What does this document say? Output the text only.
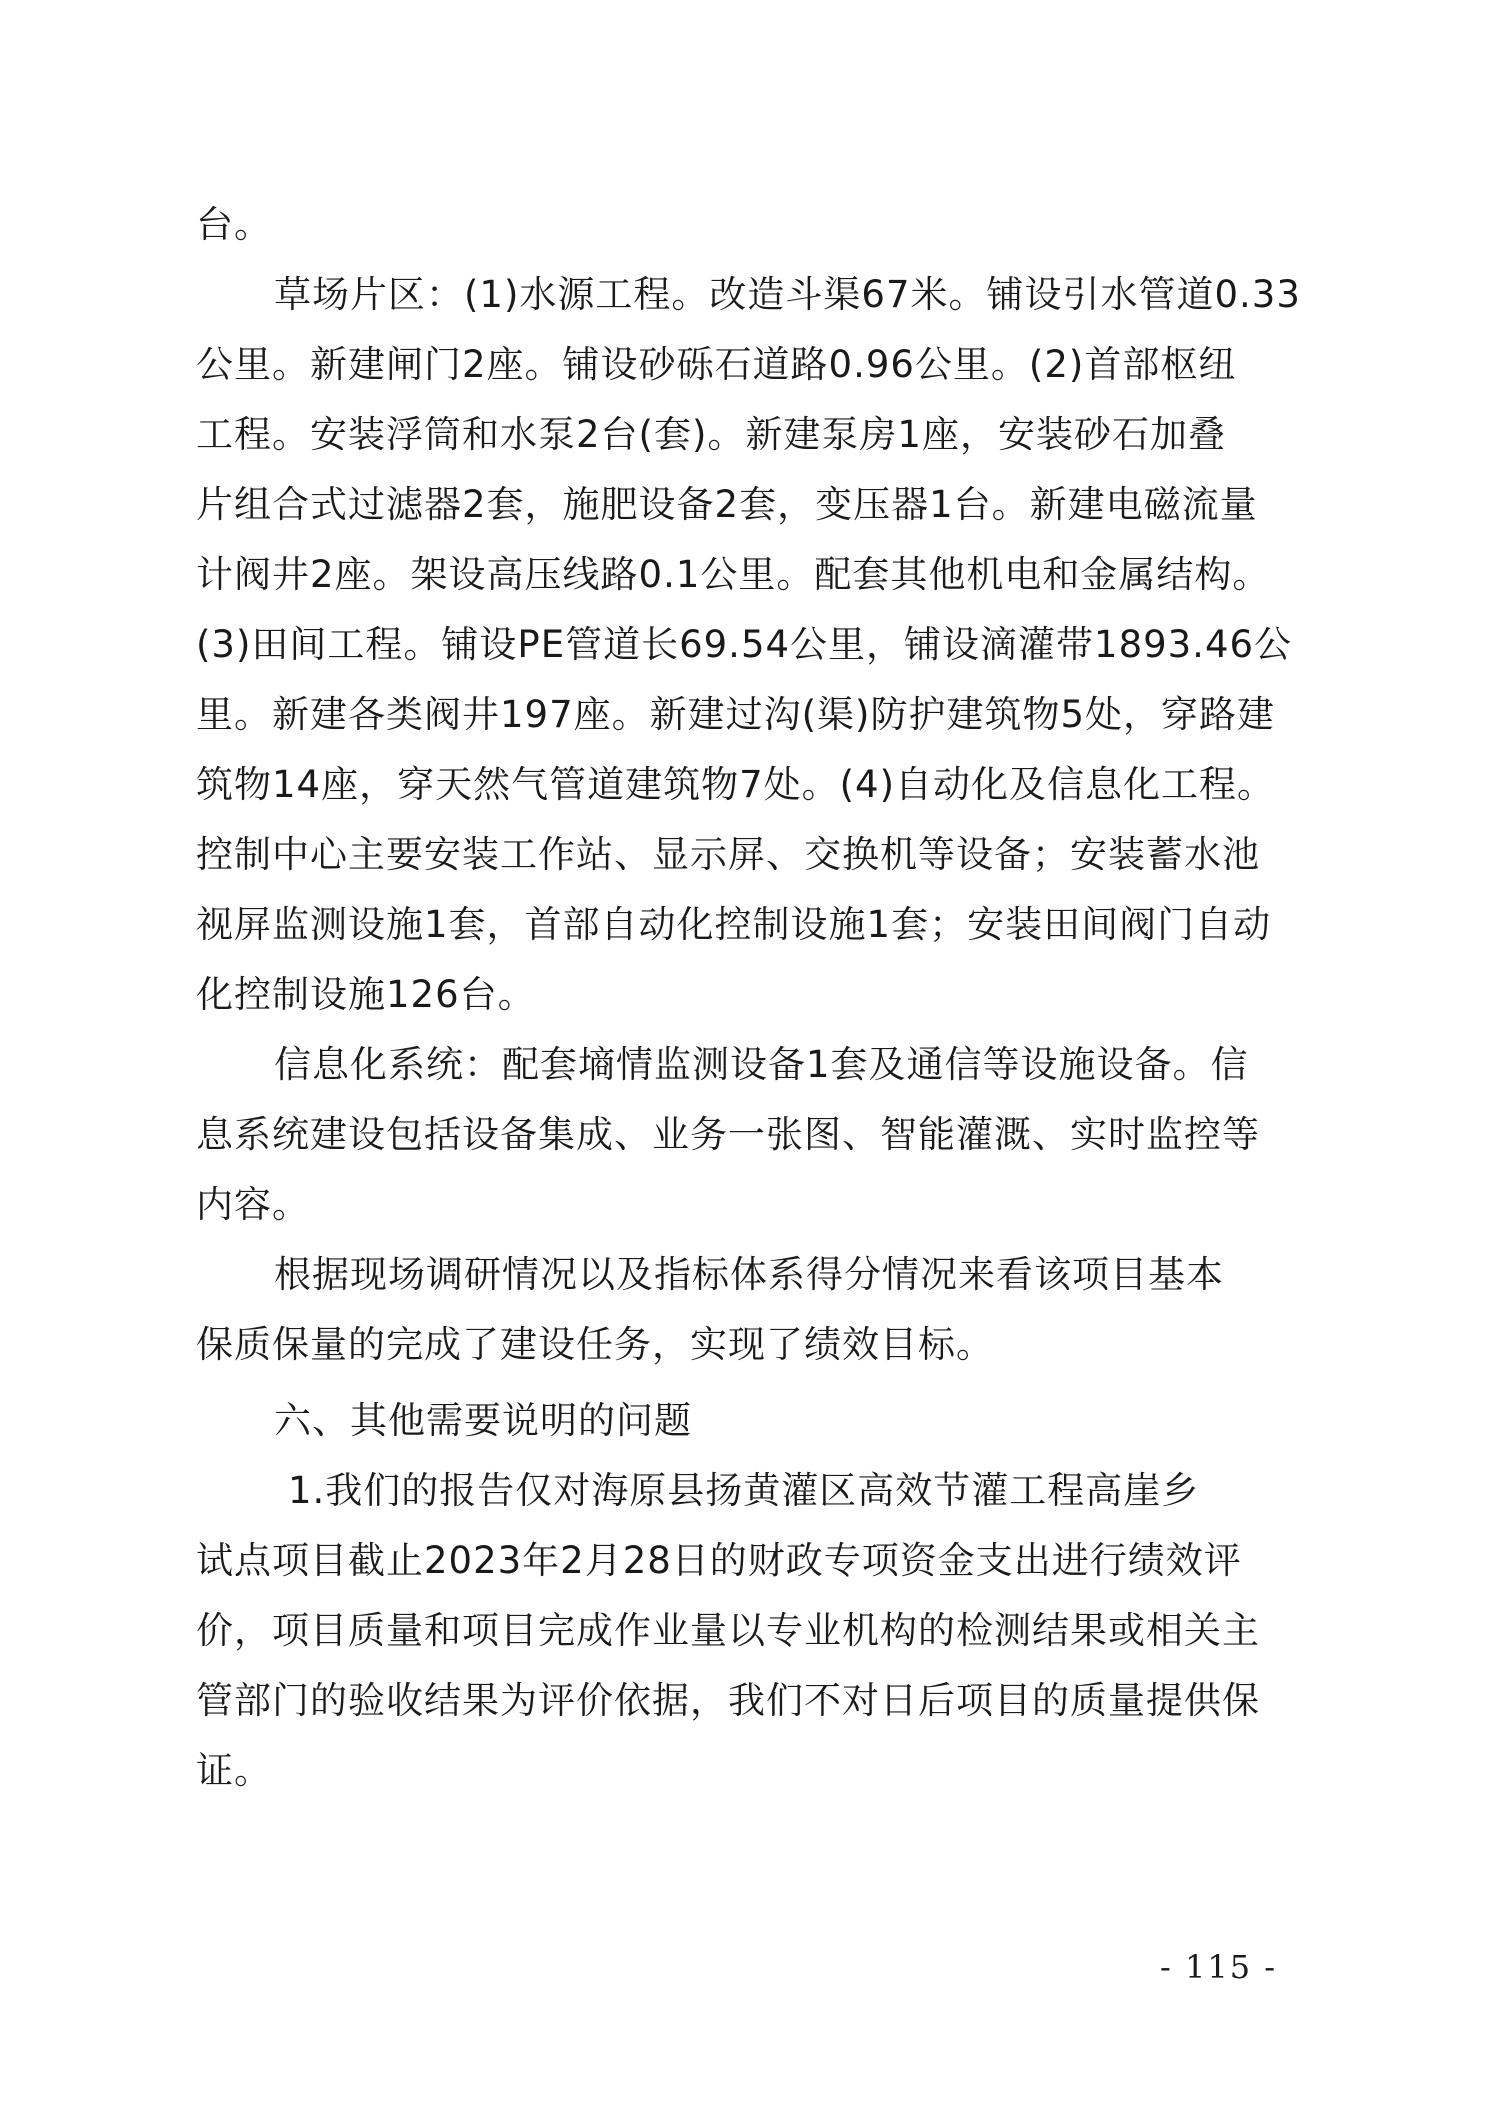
台。

草场片区：(1)水源工程。改造斗渠67米。铺设引水管道0.33
公里。新建闸门2座。铺设砂砾石道路0.96公里。(2)首部枢纽
工程。安装浮筒和水泵2台(套)。新建泵房1座，安装砂石加叠
片组合式过滤器2套，施肥设备2套，变压器1台。新建电磁流量
计阀井2座。架设高压线路0.1公里。配套其他机电和金属结构。
(3)田间工程。铺设PE管道长69.54公里，铺设滴灌带1893.46公
里。新建各类阀井197座。新建过沟(渠)防护建筑物5处，穿路建
筑物14座，穿天然气管道建筑物7处。(4)自动化及信息化工程。
控制中心主要安装工作站、显示屏、交换机等设备；安装蓄水池
视屏监测设施1套，首部自动化控制设施1套；安装田间阀门自动
化控制设施126台。

信息化系统：配套墒情监测设备1套及通信等设施设备。信
息系统建设包括设备集成、业务一张图、智能灌溉、实时监控等
内容。

根据现场调研情况以及指标体系得分情况来看该项目基本
保质保量的完成了建设任务，实现了绩效目标。

六、其他需要说明的问题

1.我们的报告仅对海原县扬黄灌区高效节灌工程高崖乡
试点项目截止2023年2月28日的财政专项资金支出进行绩效评
价，项目质量和项目完成作业量以专业机构的检测结果或相关主
管部门的验收结果为评价依据，我们不对日后项目的质量提供保
证。

- 115 -
